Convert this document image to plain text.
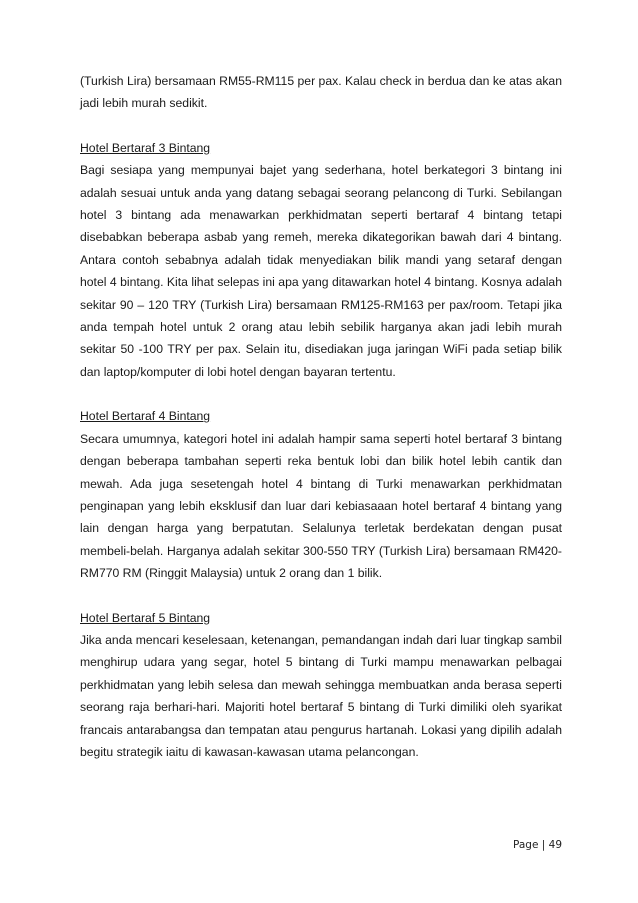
(Turkish Lira) bersamaan RM55-RM115 per pax. Kalau check in berdua dan ke atas akan jadi lebih murah sedikit.

Hotel Bertaraf 3 Bintang

Bagi sesiapa yang mempunyai bajet yang sederhana, hotel berkategori 3 bintang ini adalah sesuai untuk anda yang datang sebagai seorang pelancong di Turki. Sebilangan hotel 3 bintang ada menawarkan perkhidmatan seperti bertaraf 4 bintang tetapi disebabkan beberapa asbab yang remeh, mereka dikategorikan bawah dari 4 bintang. Antara contoh sebabnya adalah tidak menyediakan bilik mandi yang setaraf dengan hotel 4 bintang. Kita lihat selepas ini apa yang ditawarkan hotel 4 bintang. Kosnya adalah sekitar 90 – 120 TRY (Turkish Lira) bersamaan RM125-RM163 per pax/room. Tetapi jika anda tempah hotel untuk 2 orang atau lebih sebilik harganya akan jadi lebih murah sekitar 50 -100 TRY per pax. Selain itu, disediakan juga jaringan WiFi pada setiap bilik dan laptop/komputer di lobi hotel dengan bayaran tertentu.

Hotel Bertaraf 4 Bintang

Secara umumnya, kategori hotel ini adalah hampir sama seperti hotel bertaraf 3 bintang dengan beberapa tambahan seperti reka bentuk lobi dan bilik hotel lebih cantik dan mewah. Ada juga sesetengah hotel 4 bintang di Turki menawarkan perkhidmatan penginapan yang lebih eksklusif dan luar dari kebiasaaan hotel bertaraf 4 bintang yang lain dengan harga yang berpatutan. Selalunya terletak berdekatan dengan pusat membeli-belah. Harganya adalah sekitar 300-550 TRY (Turkish Lira) bersamaan RM420-RM770 RM (Ringgit Malaysia) untuk 2 orang dan 1 bilik.

Hotel Bertaraf 5 Bintang

Jika anda mencari keselesaan, ketenangan, pemandangan indah dari luar tingkap sambil menghirup udara yang segar, hotel 5 bintang di Turki mampu menawarkan pelbagai perkhidmatan yang lebih selesa dan mewah sehingga membuatkan anda berasa seperti seorang raja berhari-hari. Majoriti hotel bertaraf 5 bintang di Turki dimiliki oleh syarikat francais antarabangsa dan tempatan atau pengurus hartanah. Lokasi yang dipilih adalah begitu strategik iaitu di kawasan-kawasan utama pelancongan.

Page | 49
